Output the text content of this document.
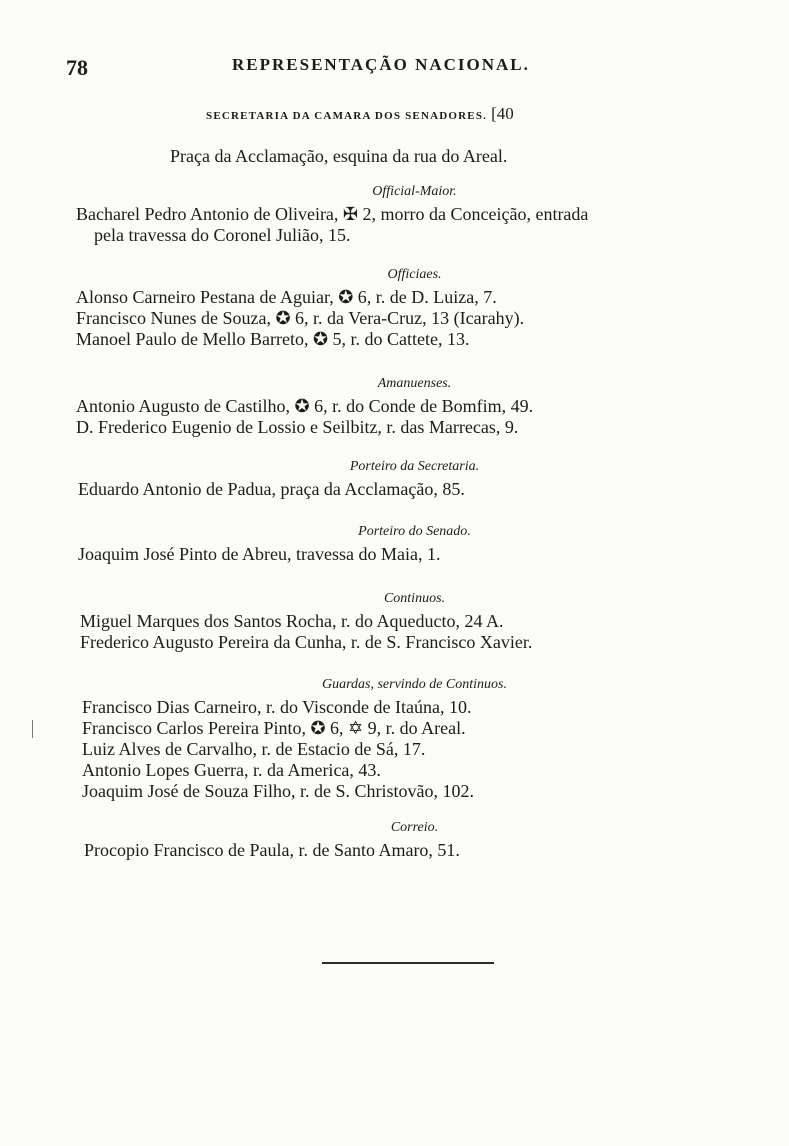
78	REPRESENTAÇÃO NACIONAL.
SECRETARIA DA CAMARA DOS SENADORES. [40
Praça da Acclamação, esquina da rua do Areal.
Official-Maior.
Bacharel Pedro Antonio de Oliveira, ✠ 2, morro da Conceição, entrada
pela travessa do Coronel Julião, 15.
Officiaes.
Alonso Carneiro Pestana de Aguiar, ✪ 6, r. de D. Luiza, 7.
Francisco Nunes de Souza, ✪ 6, r. da Vera-Cruz, 13 (Icarahy).
Manoel Paulo de Mello Barreto, ✪ 5, r. do Cattete, 13.
Amanuenses.
Antonio Augusto de Castilho, ✪ 6, r. do Conde de Bomfim, 49.
D. Frederico Eugenio de Lossio e Seilbitz, r. das Marrecas, 9.
Porteiro da Secretaria.
Eduardo Antonio de Padua, praça da Acclamação, 85.
Porteiro do Senado.
Joaquim José Pinto de Abreu, travessa do Maia, 1.
Continuos.
Miguel Marques dos Santos Rocha, r. do Aqueducto, 24 A.
Frederico Augusto Pereira da Cunha, r. de S. Francisco Xavier.
Guardas, servindo de Continuos.
Francisco Dias Carneiro, r. do Visconde de Itaúna, 10.
Francisco Carlos Pereira Pinto, ✪ 6, ✡ 9, r. do Areal.
Luiz Alves de Carvalho, r. de Estacio de Sá, 17.
Antonio Lopes Guerra, r. da America, 43.
Joaquim José de Souza Filho, r. de S. Christovão, 102.
Correio.
Procopio Francisco de Paula, r. de Santo Amaro, 51.
